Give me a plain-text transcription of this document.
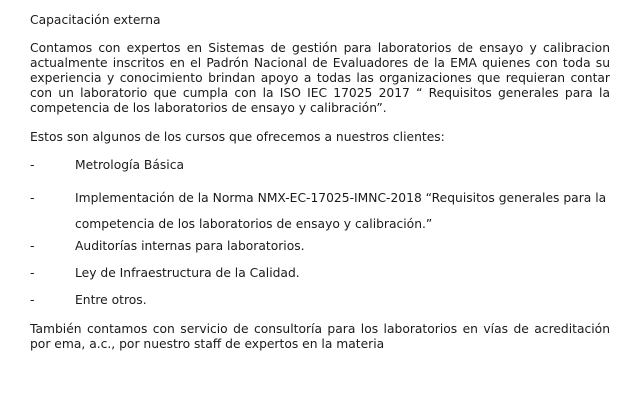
Capacitación externa

Contamos con expertos en Sistemas de gestión para laboratorios de ensayo y calibracion actualmente inscritos en el Padrón Nacional de Evaluadores de la EMA quienes con toda su experiencia y conocimiento brindan apoyo a todas las organizaciones que requieran contar con un laboratorio que cumpla con la ISO IEC 17025 2017 “ Requisitos generales para la competencia de los laboratorios de ensayo y calibración”.

Estos son algunos de los cursos que ofrecemos a nuestros clientes:

-	Metrología Básica
-	Implementación de la Norma NMX-EC-17025-IMNC-2018 “Requisitos generales para la competencia de los laboratorios de ensayo y calibración.”
-	Auditorías internas para laboratorios.
-	Ley de Infraestructura de la Calidad.
-	Entre otros.

También contamos con servicio de consultoría para los laboratorios en vías de acreditación por ema, a.c., por nuestro staff de expertos en la materia
